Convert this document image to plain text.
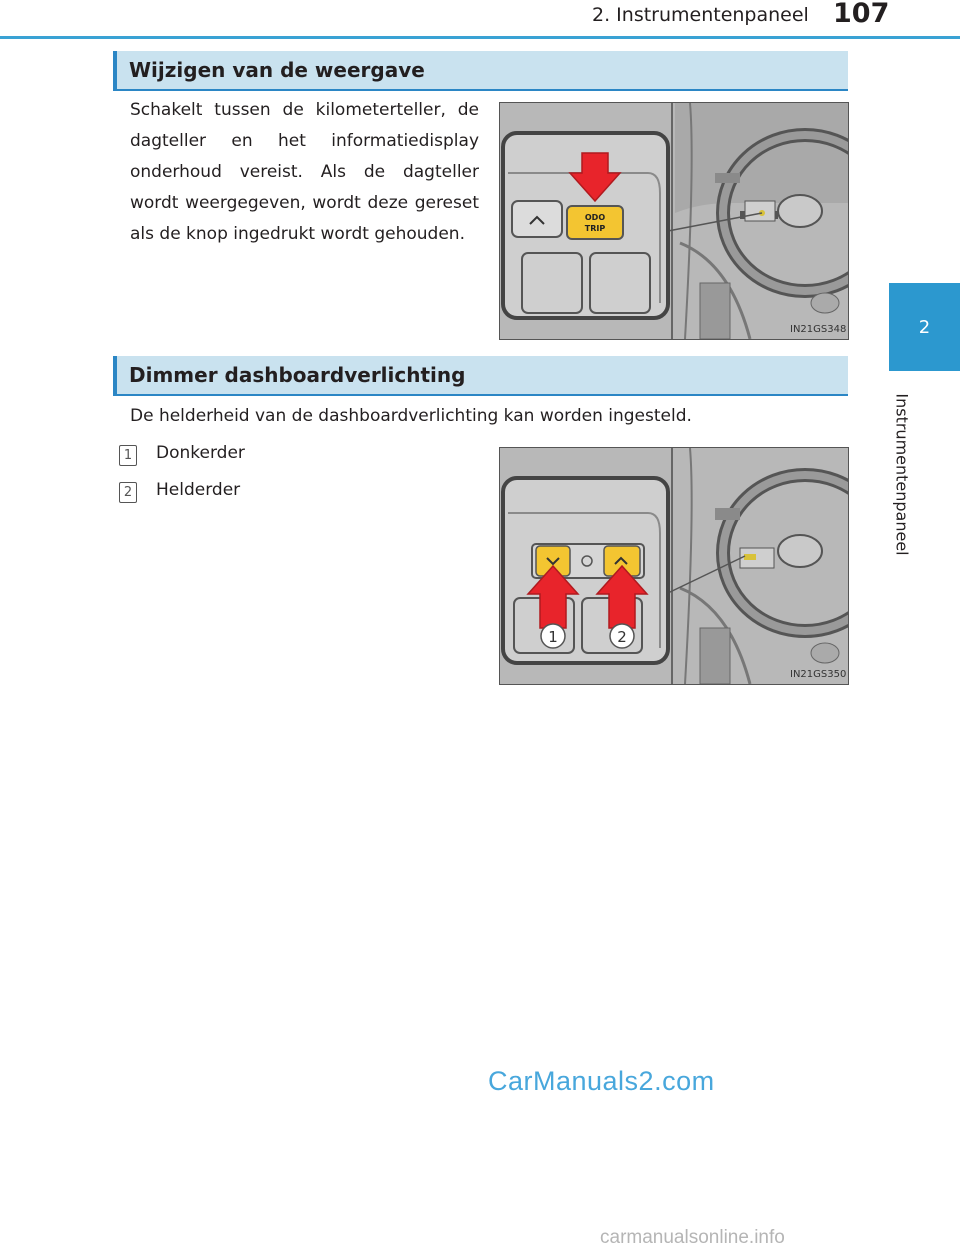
2. Instrumentenpaneel 107
2
Instrumentenpaneel
Wijzigen van de weergave
Schakelt tussen de kilometerteller, de dagteller en het informatiedisplay onderhoud vereist. Als de dagteller wordt weergegeven, wordt deze gereset als de knop ingedrukt wordt gehouden.
ODO
TRIP
IN21GS348
Dimmer dashboardverlichting
De helderheid van de dashboardverlichting kan worden ingesteld.
1 Donkerder
2 Helderder
1	2
IN21GS350
CarManuals2.com
carmanualsonline.info
